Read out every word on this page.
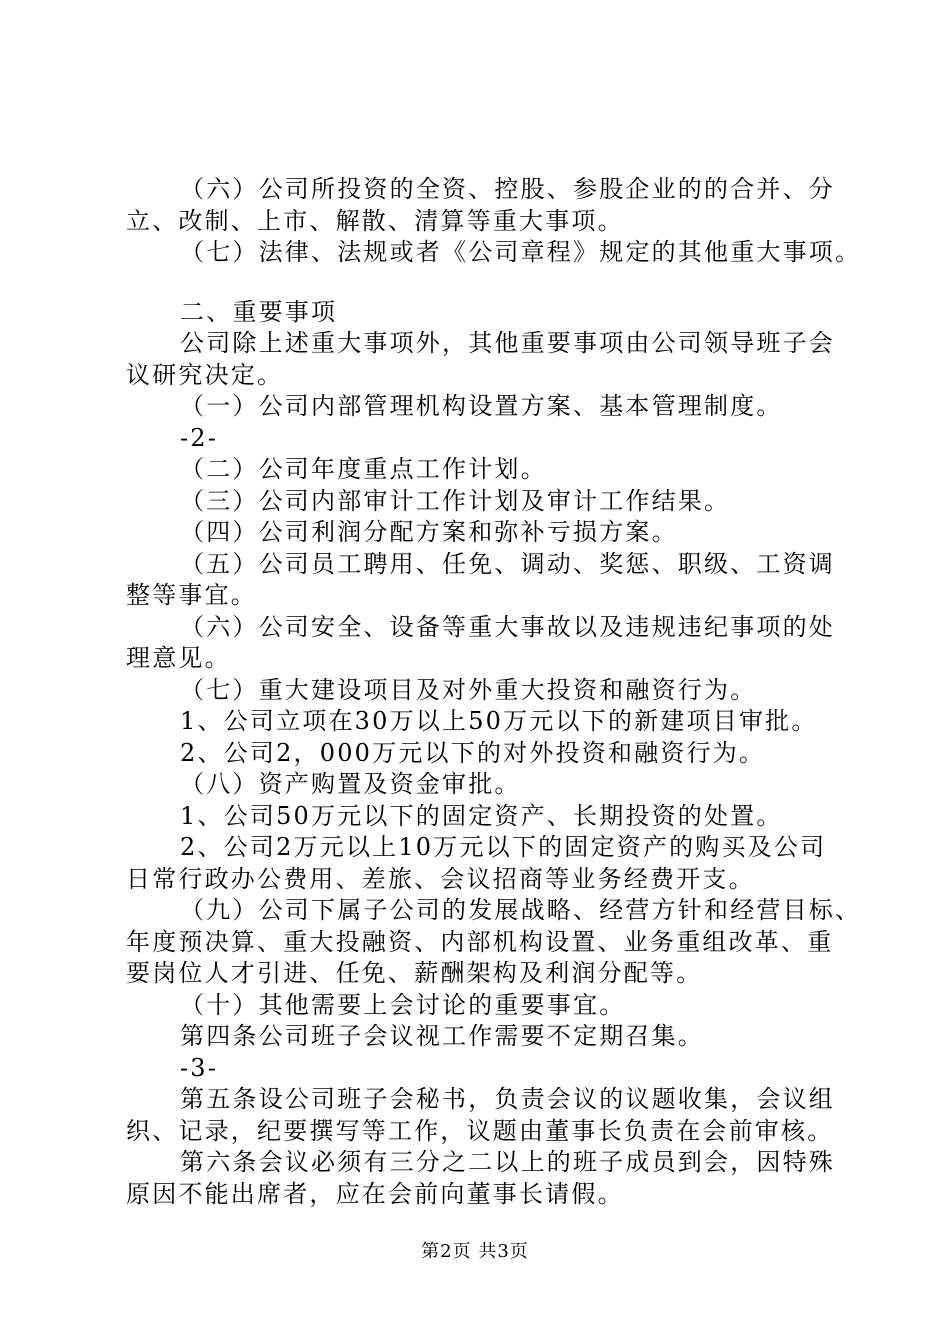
（六）公司所投资的全资、控股、参股企业的的合并、分
立、改制、上市、解散、清算等重大事项。
（七）法律、法规或者《公司章程》规定的其他重大事项。
二、重要事项
公司除上述重大事项外，其他重要事项由公司领导班子会
议研究决定。
（一）公司内部管理机构设置方案、基本管理制度。
-2-
（二）公司年度重点工作计划。
（三）公司内部审计工作计划及审计工作结果。
（四）公司利润分配方案和弥补亏损方案。
（五）公司员工聘用、任免、调动、奖惩、职级、工资调
整等事宜。
（六）公司安全、设备等重大事故以及违规违纪事项的处
理意见。
（七）重大建设项目及对外重大投资和融资行为。
1、公司立项在30万以上50万元以下的新建项目审批。
2、公司2，000万元以下的对外投资和融资行为。
（八）资产购置及资金审批。
1、公司50万元以下的固定资产、长期投资的处置。
2、公司2万元以上10万元以下的固定资产的购买及公司
日常行政办公费用、差旅、会议招商等业务经费开支。
（九）公司下属子公司的发展战略、经营方针和经营目标、
年度预决算、重大投融资、内部机构设置、业务重组改革、重
要岗位人才引进、任免、薪酬架构及利润分配等。
（十）其他需要上会讨论的重要事宜。
第四条公司班子会议视工作需要不定期召集。
-3-
第五条设公司班子会秘书，负责会议的议题收集，会议组
织、记录，纪要撰写等工作，议题由董事长负责在会前审核。
第六条会议必须有三分之二以上的班子成员到会，因特殊
原因不能出席者，应在会前向董事长请假。
第2页 共3页
